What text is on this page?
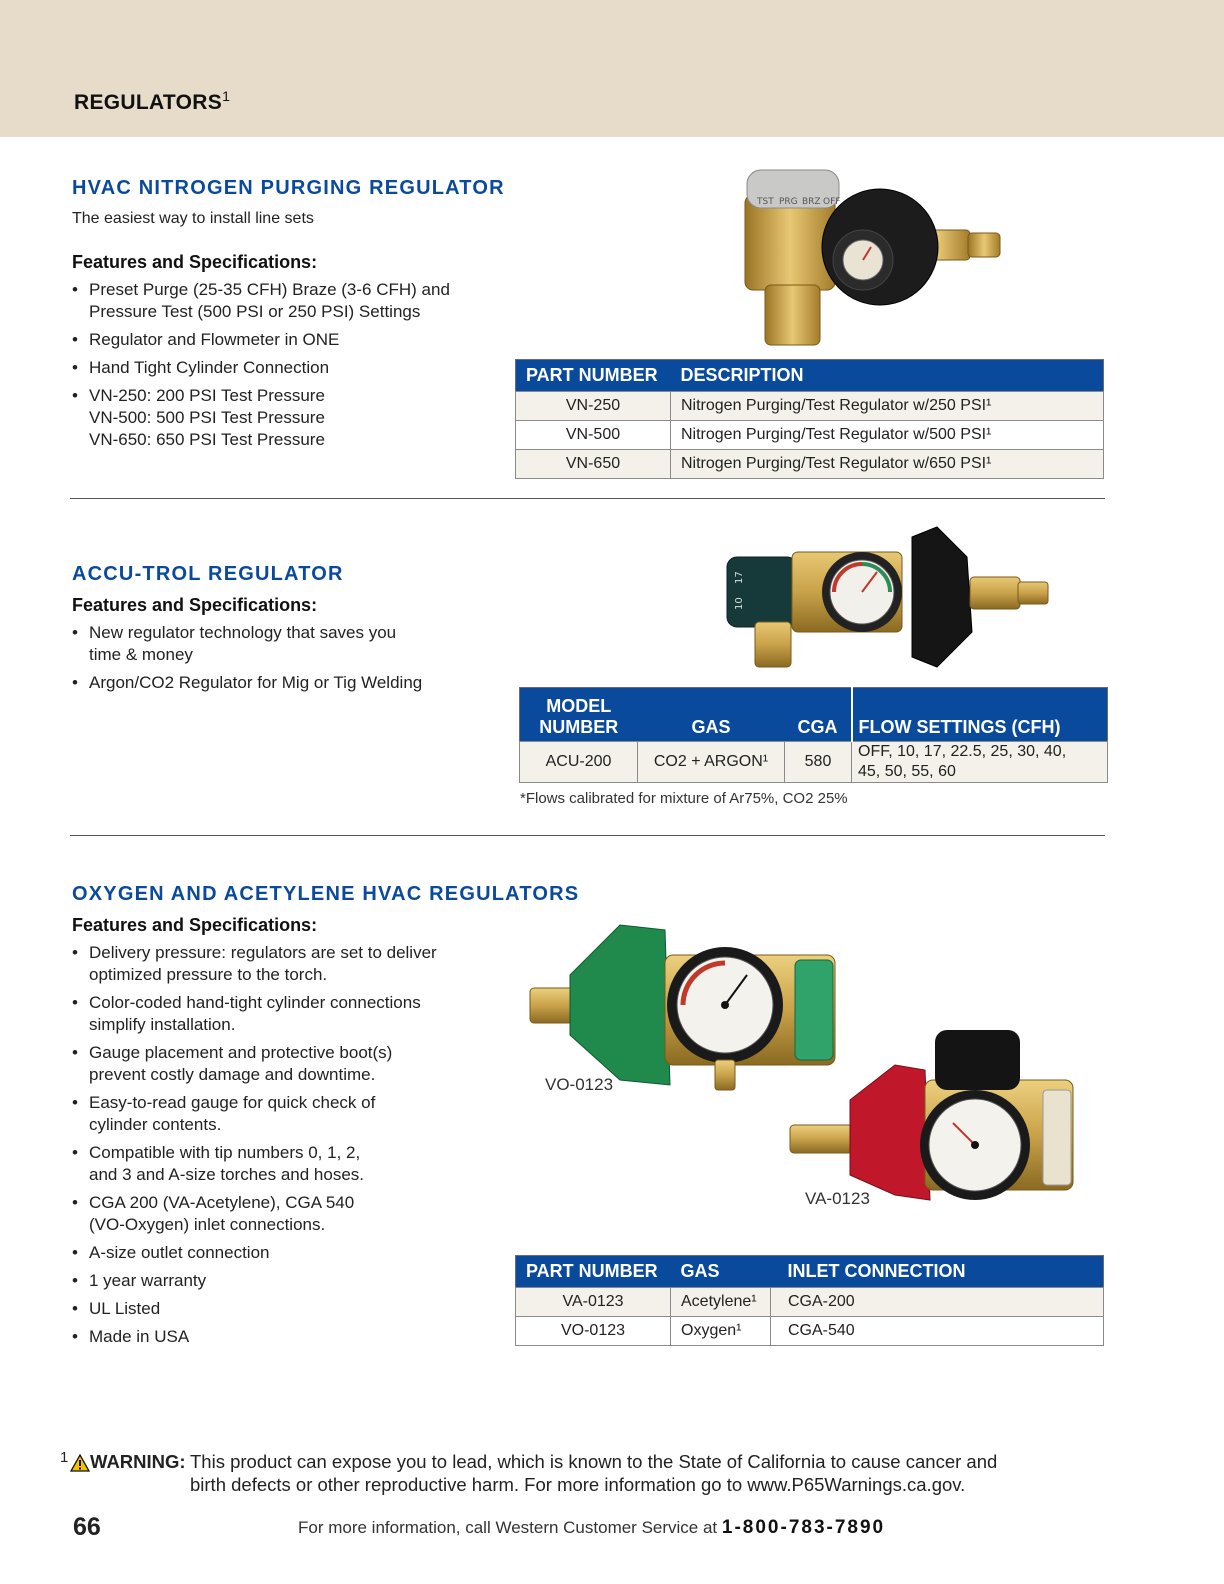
REGULATORS$^1$
HVAC NITROGEN PURGING REGULATOR
The easiest way to install line sets
Features and Specifications:
• Preset Purge (25-35 CFH) Braze (3-6 CFH) and
Pressure Test (500 PSI or 250 PSI) Settings
• Regulator and Flowmeter in ONE
• Hand Tight Cylinder Connection
• VN-250: 200 PSI Test Pressure
VN-500: 500 PSI Test Pressure
VN-650: 650 PSI Test Pressure
TST PRG BRZ OFF
PART NUMBER	DESCRIPTION
VN-250	Nitrogen Purging/Test Regulator w/250 PSI¹
VN-500	Nitrogen Purging/Test Regulator w/500 PSI¹
VN-650	Nitrogen Purging/Test Regulator w/650 PSI¹
ACCU-TROL REGULATOR
Features and Specifications:
• New regulator technology that saves you
time & money
• Argon/CO2 Regulator for Mig or Tig Welding
17
10
MODEL
NUMBER	GAS	CGA	FLOW SETTINGS (CFH)
ACU-200	CO2 + ARGON¹	580	OFF, 10, 17, 22.5, 25, 30, 40,
45, 50, 55, 60
*Flows calibrated for mixture of Ar75%, CO2 25%
OXYGEN AND ACETYLENE HVAC REGULATORS
Features and Specifications:
• Delivery pressure: regulators are set to deliver
optimized pressure to the torch.
• Color-coded hand-tight cylinder connections
simplify installation.
• Gauge placement and protective boot(s)
prevent costly damage and downtime.
• Easy-to-read gauge for quick check of
cylinder contents.
• Compatible with tip numbers 0, 1, 2,
and 3 and A-size torches and hoses.
• CGA 200 (VA-Acetylene), CGA 540
(VO-Oxygen) inlet connections.
• A-size outlet connection
• 1 year warranty
• UL Listed
• Made in USA
VO-0123
VA-0123
PART NUMBER	GAS	INLET CONNECTION
VA-0123	Acetylene¹	CGA-200
VO-0123	Oxygen¹	CGA-540
1 WARNING: This product can expose you to lead, which is known to the State of California to cause cancer and
birth defects or other reproductive harm. For more information go to www.P65Warnings.ca.gov.
66	For more information, call Western Customer Service at 1-800-783-7890
